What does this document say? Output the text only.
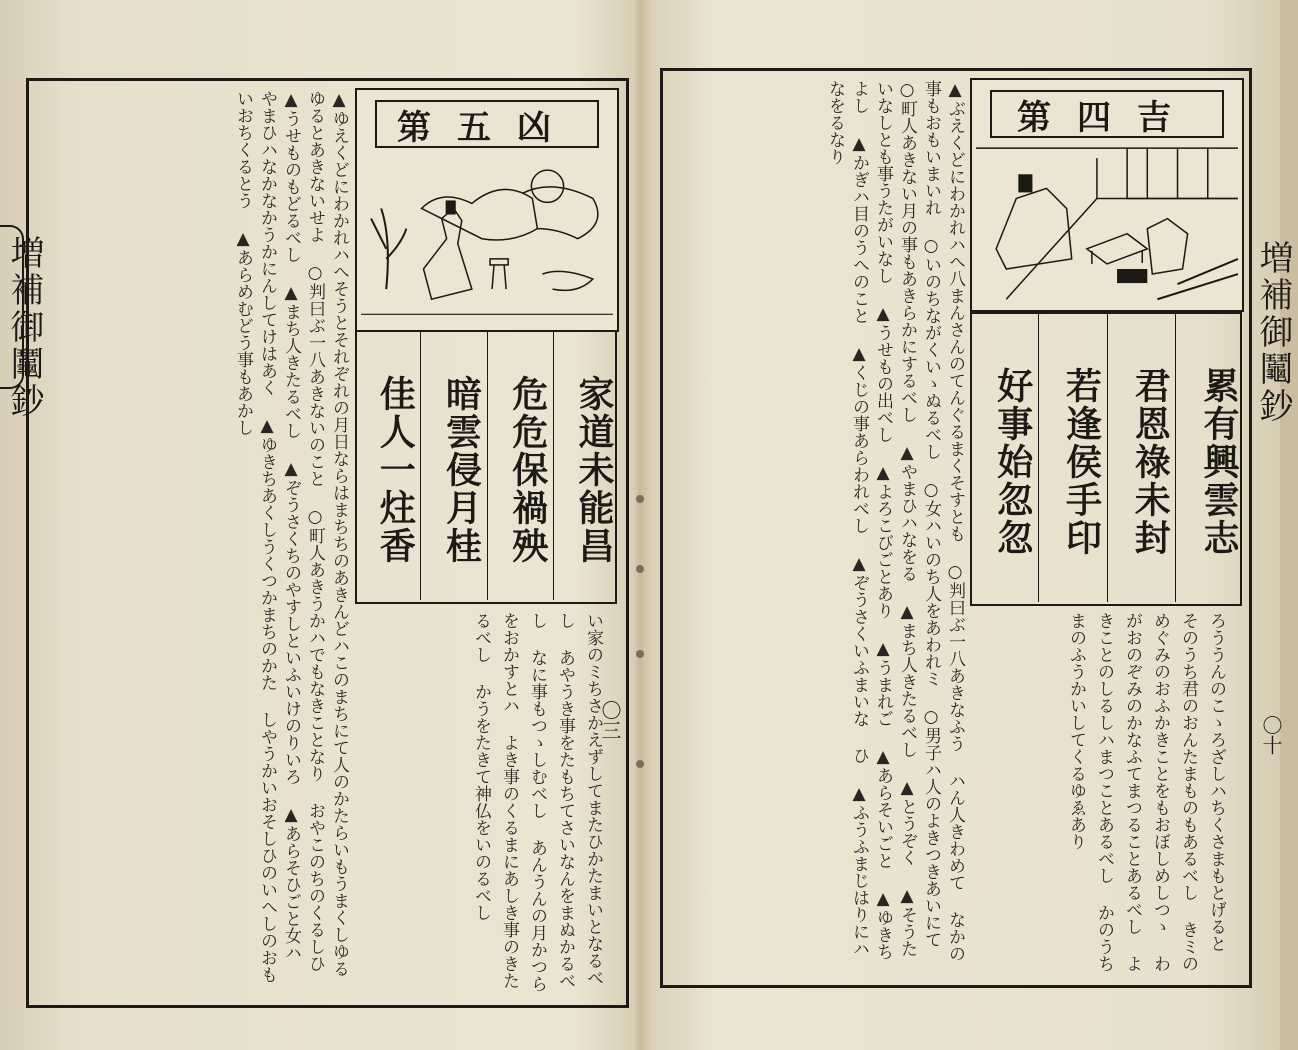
増補御鬮鈔
〇三
▲ゆえくどにわかれハへそうとそれぞれの月日ならはまちちのあきんどハこのまちにて人のかたらいもうまくしゆるゆるとあきないせよ ○判曰ぶ一八あきないのこと ○町人あきうかハでもなきことなり おやこのちのくるしひ ▲うせものもどるべし ▲まち人きたるべし ▲ぞうさくちのやすしといふいけのりいろ ▲あらそひごと女ハ やまひハなかなかうかにんしてけはあく ▲ゆきちあくしうくつかまちのかた しやうかいおそしひのいへしのおもいおちくるとう ▲あらめむどう事もあかし	第五凶
家道未能昌
危危保禍殃
暗雲侵月桂
佳人一炷香
い家のミちさかえずしてまたひかたまいとなるべし あやうき事をたもちてさいなんをまぬかるべし なに事もつゝしむべし あんうんの月かつらをおかすとハ よき事のくるまにあしき事のきたるべし かうをたきて神仏をいのるべし
増補御鬮鈔
〇十
▲ぶえくどにわかれハへ八まんさんのてんぐるまくそすとも ○判曰ぶ一八あきなふう ハん人きわめて なかの事もおもいまいれ ○いのちながくいゝぬるべし ○女ハいのち人をあわれミ ○男子ハ人のよきつきあいにて ○町人あきない月の事もあきらかにするべし ▲やまひハなをる ▲まち人きたるべし ▲とうぞく ▲そうたいなしとも事うたがいなし ▲うせもの出べし ▲よろこびごとあり ▲うまれご ▲あらそいごと ▲ゆきちよし ▲かぎハ目のうへのこと ▲くじの事あらわれべし ▲ぞうさくいふまいな ひ ▲ふうふまじはりにハなをるなり	第四吉
累有興雲志
君恩祿未封
若逢侯手印
好事始忽忽
ろううんのこゝろざしハちくさまもとげると そのうち君のおんたまものもあるべし きミのめぐみのおふかきことをもおぼしめしつゝ わがおのぞみのかなふてまつることあるべし よきことのしるしハまつことあるべし かのうちまのふうかいしてくるゆゑあり
